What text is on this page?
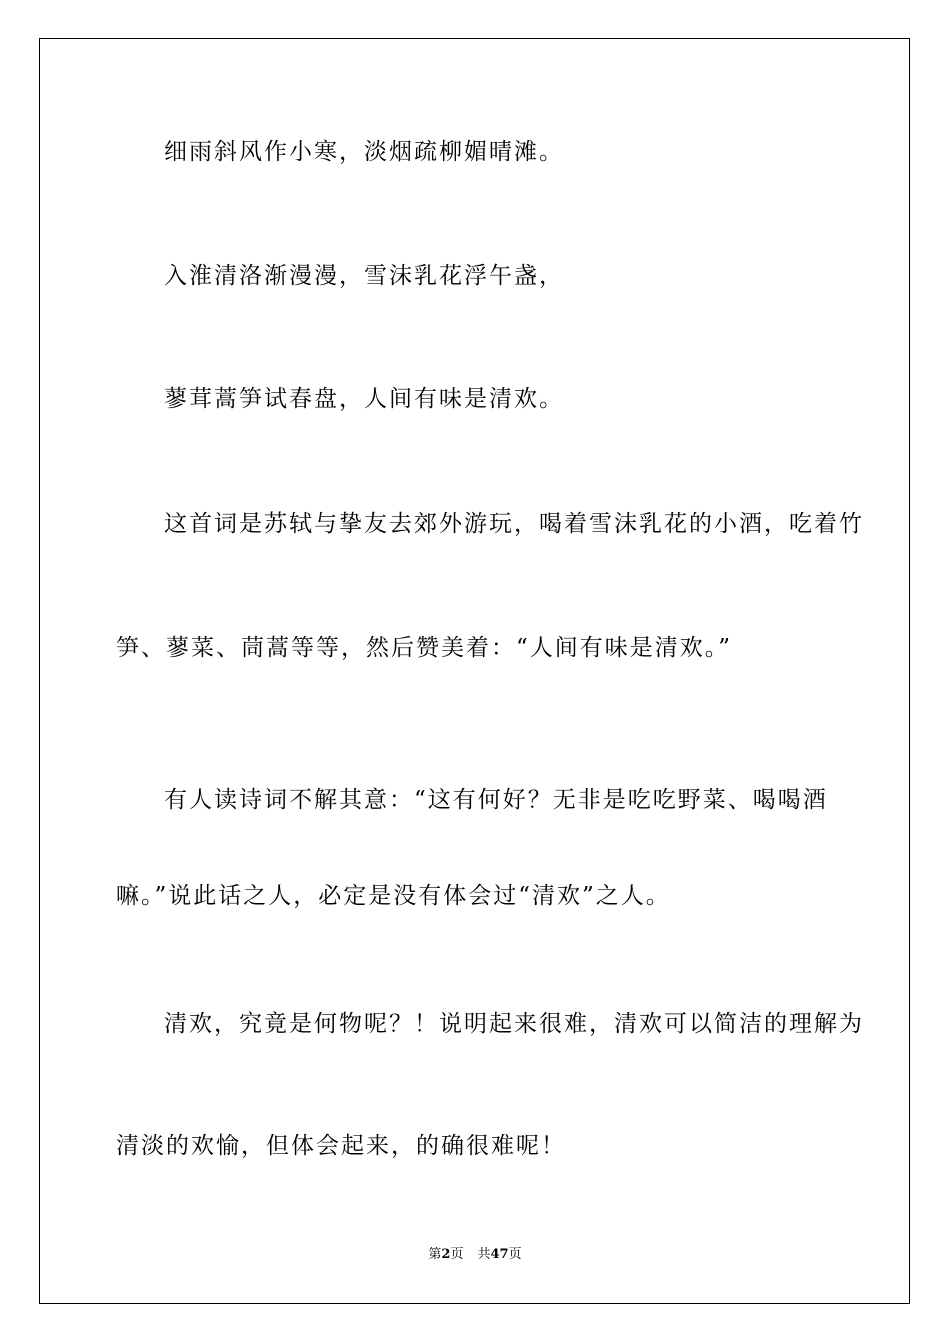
细雨斜风作小寒，淡烟疏柳媚晴滩。
入淮清洛渐漫漫，雪沫乳花浮午盏，
蓼茸蒿笋试春盘，人间有味是清欢。
这首词是苏轼与挚友去郊外游玩，喝着雪沫乳花的小酒，吃着竹
笋、蓼菜、茼蒿等等，然后赞美着：“人间有味是清欢。”
有人读诗词不解其意：“这有何好？无非是吃吃野菜、喝喝酒
嘛。”说此话之人，必定是没有体会过“清欢”之人。
清欢，究竟是何物呢？！说明起来很难，清欢可以简洁的理解为
清淡的欢愉，但体会起来，的确很难呢！
第2页 共47页
